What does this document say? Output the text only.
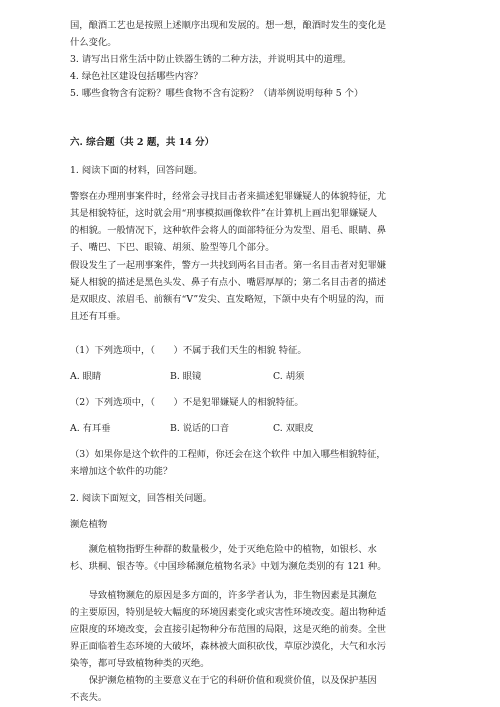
国，酿酒工艺也是按照上述顺序出现和发展的。想一想，酿酒时发生的变化是
什么变化。
3. 请写出日常生活中防止铁器生锈的二种方法，并说明其中的道理。
4. 绿色社区建设包括哪些内容？
5. 哪些食物含有淀粉？哪些食物不含有淀粉？（请举例说明每种 5 个）
六. 综合题（共 2 题，共 14 分）
1. 阅读下面的材料，回答问题。
警察在办理刑事案件时，经常会寻找目击者来描述犯罪嫌疑人的体貌特征，尤
其是相貌特征，这时就会用“刑事模拟画像软件”在计算机上画出犯罪嫌疑人
的相貌。一般情况下，这种软件会将人的面部特征分为发型、眉毛、眼睛、鼻
子、嘴巴、下巴、眼镜、胡须、脸型等几个部分。
假设发生了一起刑事案件，警方一共找到两名目击者。第一名目击者对犯罪嫌
疑人相貌的描述是黑色头发、鼻子有点小、嘴唇厚厚的；第二名目击者的描述
是双眼皮、浓眉毛、前额有“V”发尖、直发略短，下颌中央有个明显的沟，而
且还有耳垂。
（1）下列选项中，（　　）不属于我们天生的相貌 特征。
A. 眼睛	B. 眼镜	C. 胡须
（2）下列选项中，（　　）不是犯罪嫌疑人的相貌特征。
A. 有耳垂	B. 说话的口音	C. 双眼皮
（3）如果你是这个软件的工程师，你还会在这个软件 中加入哪些相貌特征，
来增加这个软件的功能？
2. 阅读下面短文，回答相关问题。
濒危植物
　　濒危植物指野生种群的数量极少，处于灭绝危险中的植物，如银杉、水
杉、珙桐、银杏等。《中国珍稀濒危植物名录》中划为濒危类别的有 121 种。
　　导致植物濒危的原因是多方面的，许多学者认为，非生物因素是其濒危
的主要原因，特别是较大幅度的环境因素变化或灾害性环境改变。超出物种适
应限度的环境改变，会直接引起物种分布范围的局限，这是灭绝的前奏。全世
界正面临着生态环境的大破坏，森林被大面积砍伐，草原沙漠化，大气和水污
染等，都可导致植物种类的灭绝。
　　保护濒危植物的主要意义在于它的科研价值和观赏价值，以及保护基因
不丧失。
